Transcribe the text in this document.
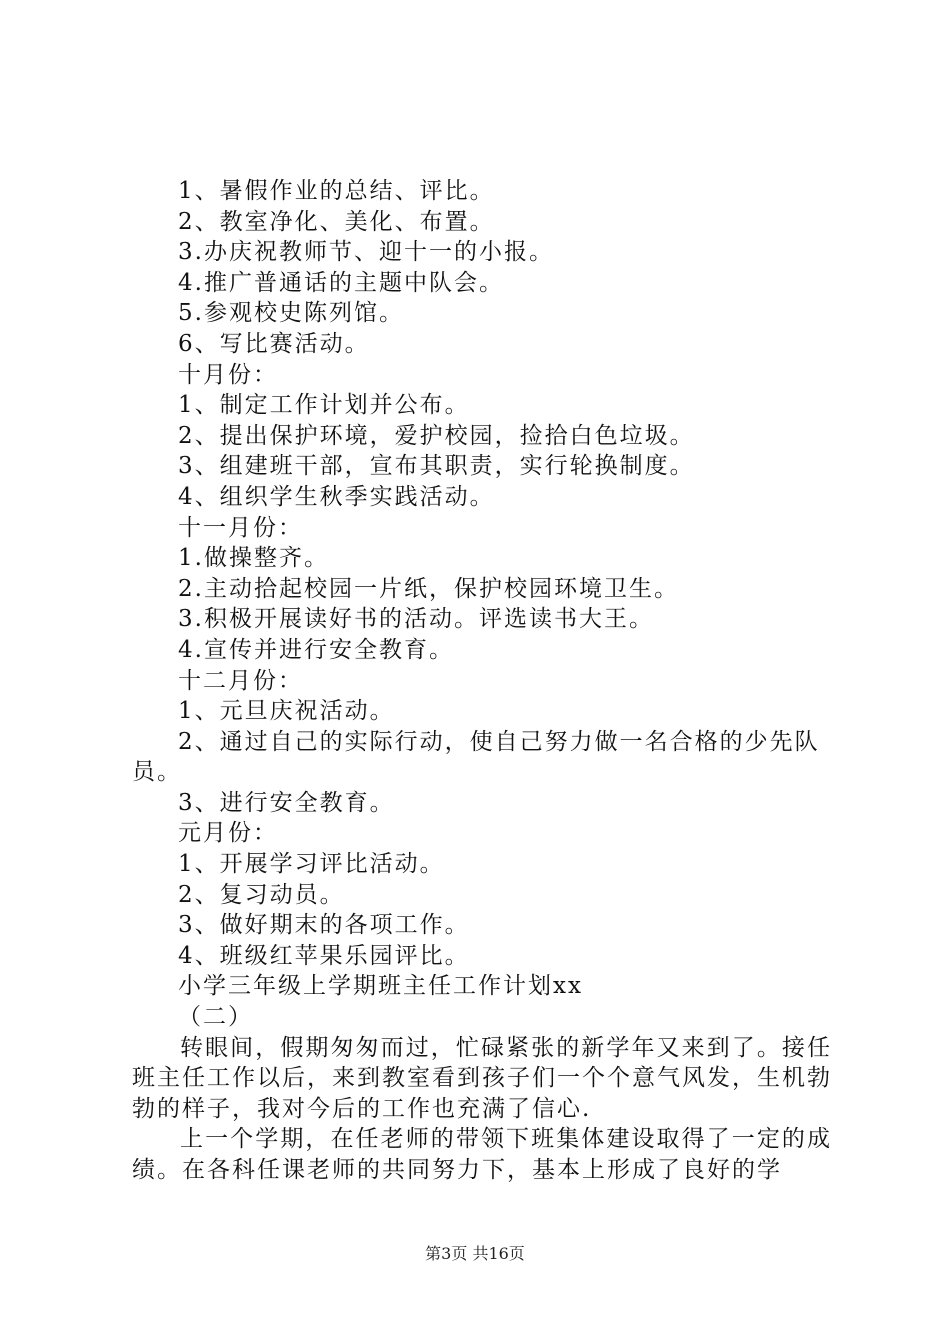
1、暑假作业的总结、评比。
2、教室净化、美化、布置。
3.办庆祝教师节、迎十一的小报。
4.推广普通话的主题中队会。
5.参观校史陈列馆。
6、写比赛活动。
十月份：
1、制定工作计划并公布。
2、提出保护环境，爱护校园，捡拾白色垃圾。
3、组建班干部，宣布其职责，实行轮换制度。
4、组织学生秋季实践活动。
十一月份：
1.做操整齐。
2.主动拾起校园一片纸，保护校园环境卫生。
3.积极开展读好书的活动。评选读书大王。
4.宣传并进行安全教育。
十二月份：
1、元旦庆祝活动。
2、通过自己的实际行动，使自己努力做一名合格的少先队
员。
3、进行安全教育。
元月份：
1、开展学习评比活动。
2、复习动员。
3、做好期末的各项工作。
4、班级红苹果乐园评比。
小学三年级上学期班主任工作计划xx
（二）
转眼间，假期匆匆而过，忙碌紧张的新学年又来到了。接任班主任工作以后，来到教室看到孩子们一个个意气风发，生机勃勃的样子，我对今后的工作也充满了信心.
上一个学期，在任老师的带领下班集体建设取得了一定的成绩。在各科任课老师的共同努力下，基本上形成了良好的学
第3页 共16页
